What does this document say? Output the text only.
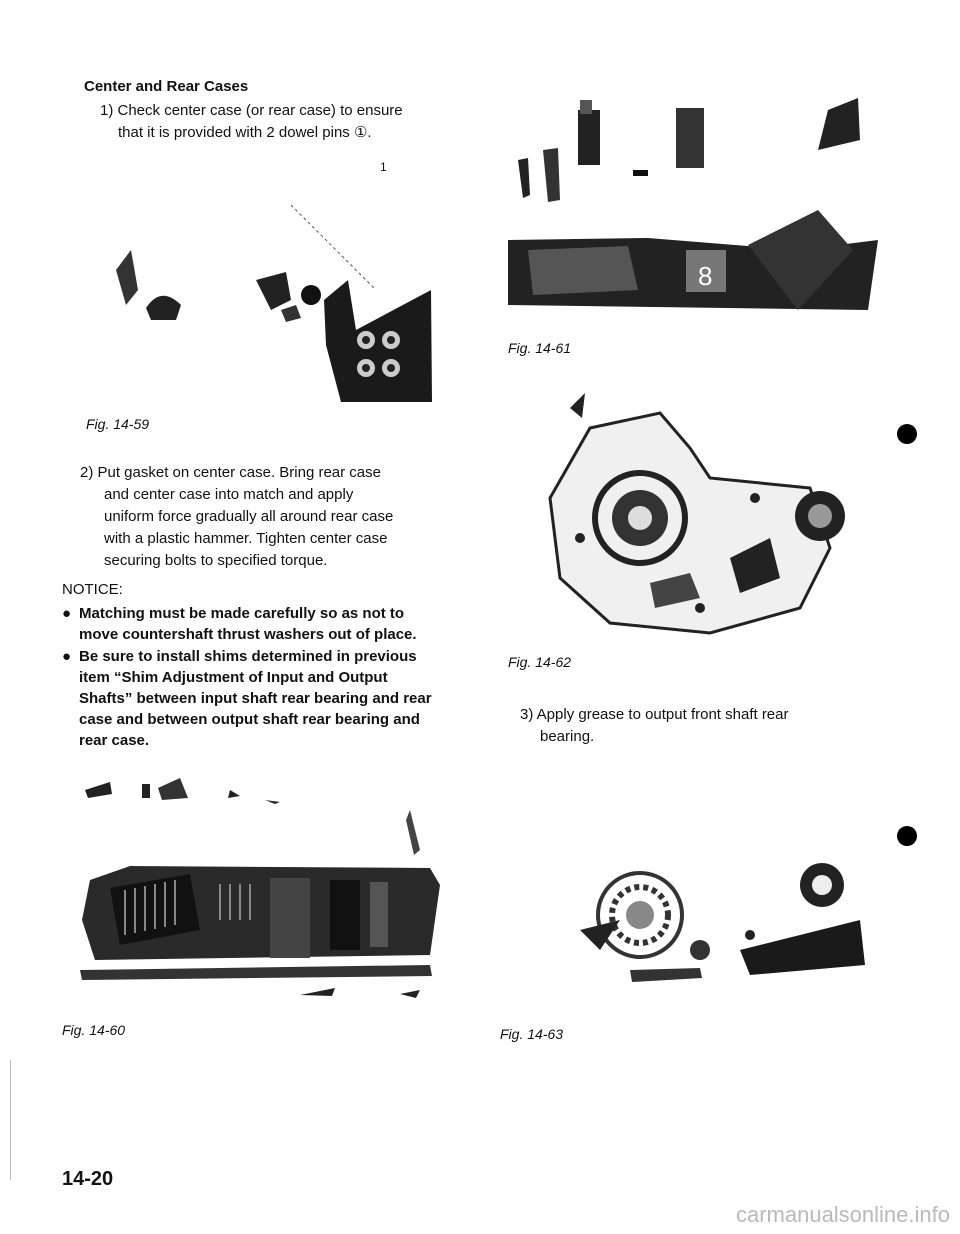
Center and Rear Cases
1) Check center case (or rear case) to ensure
that it is provided with 2 dowel pins ①.
1
Fig. 14-59
2) Put gasket on center case. Bring rear case
and center case into match and apply
uniform force gradually all around rear case
with a plastic hammer. Tighten center case
securing bolts to specified torque.
NOTICE:
● Matching must be made carefully so as not to move countershaft thrust washers out of place.
● Be sure to install shims determined in previous item “Shim Adjustment of Input and Output Shafts” between input shaft rear bearing and rear case and between output shaft rear bearing and rear case.
Fig. 14-60
14-20
8
Fig. 14-61
Fig. 14-62
3) Apply grease to output front shaft rear
bearing.
Fig. 14-63
carmanualsonline.info
